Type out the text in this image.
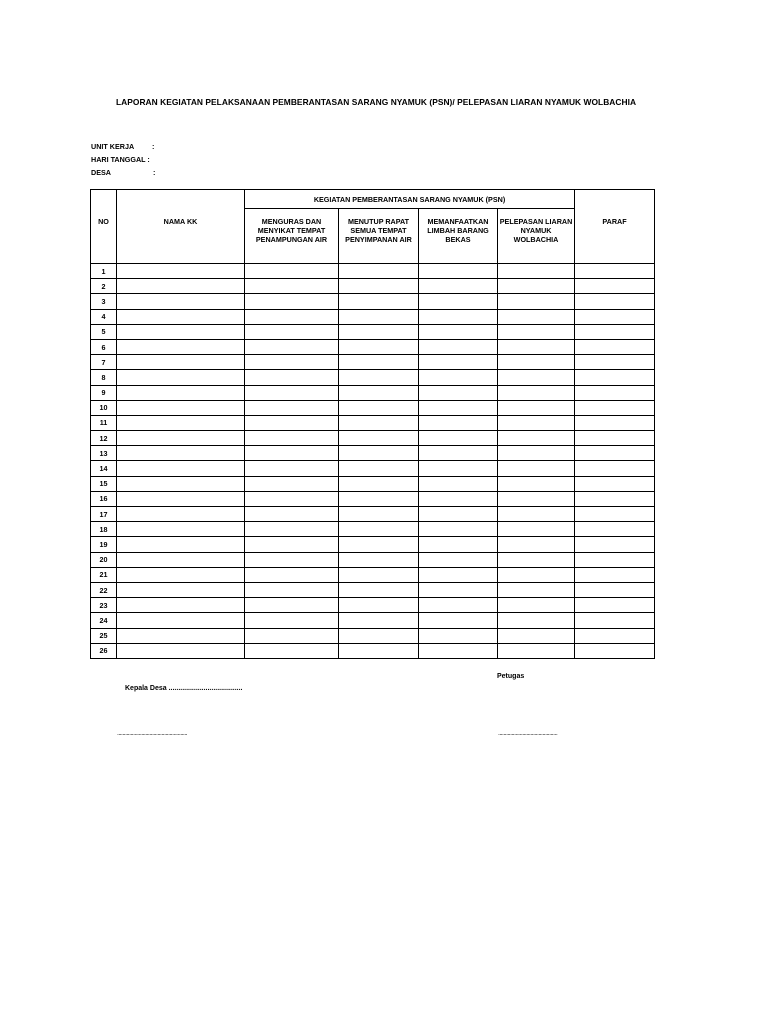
LAPORAN KEGIATAN PELAKSANAAN PEMBERANTASAN SARANG NYAMUK (PSN)/ PELEPASAN LIARAN NYAMUK WOLBACHIA
UNIT KERJA :
HARI TANGGAL :
DESA	:
NO	NAMA KK	KEGIATAN PEMBERANTASAN SARANG NYAMUK (PSN)				PARAF
		MENGURAS DAN MENYIKAT TEMPAT PENAMPUNGAN AIR	MENUTUP RAPAT SEMUA TEMPAT PENYIMPANAN AIR	MEMANFAATKAN LIMBAH BARANG BEKAS	PELEPASAN LIARAN NYAMUK WOLBACHIA	
1						
2						
3						
4						
5						
6						
7						
8						
9						
10						
11						
12						
13						
14						
15						
16						
17						
18						
19						
20						
21						
22						
23						
24						
25						
26						
Petugas
Kepala Desa ......................................
....................................................	............................................
